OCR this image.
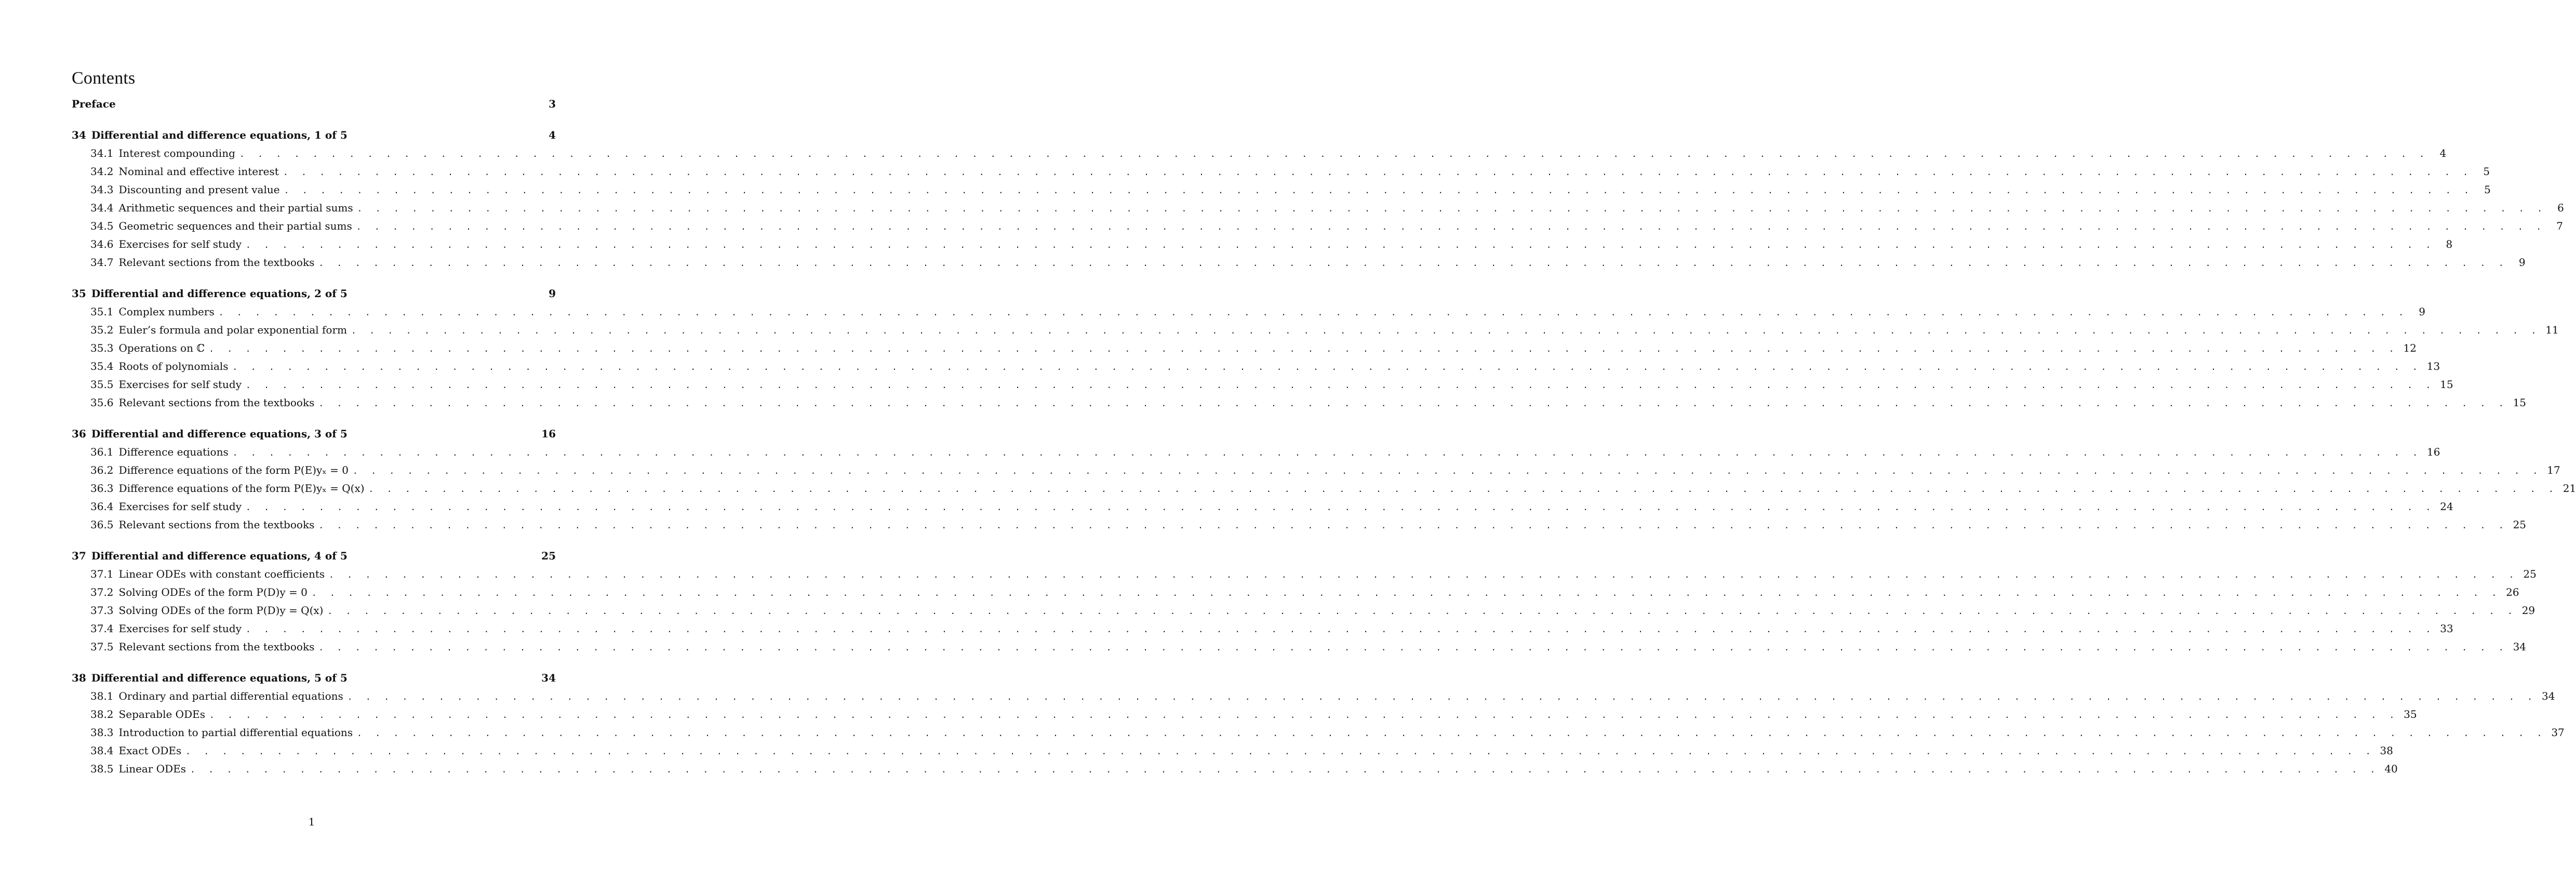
Contents
Preface	3
34 Differential and difference equations, 1 of 5	4
34.1 Interest compounding . . . . . . . . . . . . . . . . . . . . . . . . . . . . . . . . . . . . . . . . . . . . . . . . . . . . . . . . . . . . . . . . . . . . . . . . . . . . . . . . . . . . . . . . . . . . . . . . . . . . . . . . . . . . . . . . . . . . . . . .	4
34.2 Nominal and effective interest . . . . . . . . . . . . . . . . . . . . . . . . . . . . . . . . . . . . . . . . . . . . . . . . . . . . . . . . . . . . . . . . . . . . . . . . . . . . . . . . . . . . . . . . . . . . . . . . . . . . . . . . . . . . . . . . . . . . . . . .	5
34.3 Discounting and present value . . . . . . . . . . . . . . . . . . . . . . . . . . . . . . . . . . . . . . . . . . . . . . . . . . . . . . . . . . . . . . . . . . . . . . . . . . . . . . . . . . . . . . . . . . . . . . . . . . . . . . . . . . . . . . . . . . . . . . . .	5
34.4 Arithmetic sequences and their partial sums . . . . . . . . . . . . . . . . . . . . . . . . . . . . . . . . . . . . . . . . . . . . . . . . . . . . . . . . . . . . . . . . . . . . . . . . . . . . . . . . . . . . . . . . . . . . . . . . . . . . . . . . . . . . . . . . . . . . . . . .	6
34.5 Geometric sequences and their partial sums . . . . . . . . . . . . . . . . . . . . . . . . . . . . . . . . . . . . . . . . . . . . . . . . . . . . . . . . . . . . . . . . . . . . . . . . . . . . . . . . . . . . . . . . . . . . . . . . . . . . . . . . . . . . . . . . . . . . . . . .	7
34.6 Exercises for self study . . . . . . . . . . . . . . . . . . . . . . . . . . . . . . . . . . . . . . . . . . . . . . . . . . . . . . . . . . . . . . . . . . . . . . . . . . . . . . . . . . . . . . . . . . . . . . . . . . . . . . . . . . . . . . . . . . . . . . . .	8
34.7 Relevant sections from the textbooks . . . . . . . . . . . . . . . . . . . . . . . . . . . . . . . . . . . . . . . . . . . . . . . . . . . . . . . . . . . . . . . . . . . . . . . . . . . . . . . . . . . . . . . . . . . . . . . . . . . . . . . . . . . . . . . . . . . . . . . .	9
35 Differential and difference equations, 2 of 5	9
35.1 Complex numbers . . . . . . . . . . . . . . . . . . . . . . . . . . . . . . . . . . . . . . . . . . . . . . . . . . . . . . . . . . . . . . . . . . . . . . . . . . . . . . . . . . . . . . . . . . . . . . . . . . . . . . . . . . . . . . . . . . . . . . . .	9
35.2 Euler’s formula and polar exponential form . . . . . . . . . . . . . . . . . . . . . . . . . . . . . . . . . . . . . . . . . . . . . . . . . . . . . . . . . . . . . . . . . . . . . . . . . . . . . . . . . . . . . . . . . . . . . . . . . . . . . . . . . . . . . . . . . . . . . . . . 11
35.3 Operations on ℂ . . . . . . . . . . . . . . . . . . . . . . . . . . . . . . . . . . . . . . . . . . . . . . . . . . . . . . . . . . . . . . . . . . . . . . . . . . . . . . . . . . . . . . . . . . . . . . . . . . . . . . . . . . . . . . . . . . . . . . . . 12
35.4 Roots of polynomials . . . . . . . . . . . . . . . . . . . . . . . . . . . . . . . . . . . . . . . . . . . . . . . . . . . . . . . . . . . . . . . . . . . . . . . . . . . . . . . . . . . . . . . . . . . . . . . . . . . . . . . . . . . . . . . . . . . . . . . . 13
35.5 Exercises for self study . . . . . . . . . . . . . . . . . . . . . . . . . . . . . . . . . . . . . . . . . . . . . . . . . . . . . . . . . . . . . . . . . . . . . . . . . . . . . . . . . . . . . . . . . . . . . . . . . . . . . . . . . . . . . . . . . . . . . . . . 15
35.6 Relevant sections from the textbooks . . . . . . . . . . . . . . . . . . . . . . . . . . . . . . . . . . . . . . . . . . . . . . . . . . . . . . . . . . . . . . . . . . . . . . . . . . . . . . . . . . . . . . . . . . . . . . . . . . . . . . . . . . . . . . . . . . . . . . . . 15
36 Differential and difference equations, 3 of 5	16
36.1 Difference equations . . . . . . . . . . . . . . . . . . . . . . . . . . . . . . . . . . . . . . . . . . . . . . . . . . . . . . . . . . . . . . . . . . . . . . . . . . . . . . . . . . . . . . . . . . . . . . . . . . . . . . . . . . . . . . . . . . . . . . . . 16
36.2 Difference equations of the form P(E)yₓ = 0 . . . . . . . . . . . . . . . . . . . . . . . . . . . . . . . . . . . . . . . . . . . . . . . . . . . . . . . . . . . . . . . . . . . . . . . . . . . . . . . . . . . . . . . . . . . . . . . . . . . . . . . . . . . . . . . . . . . . . . . . 17
36.3 Difference equations of the form P(E)yₓ = Q(x) . . . . . . . . . . . . . . . . . . . . . . . . . . . . . . . . . . . . . . . . . . . . . . . . . . . . . . . . . . . . . . . . . . . . . . . . . . . . . . . . . . . . . . . . . . . . . . . . . . . . . . . . . . . . . . . . . . . . . . . . 21
36.4 Exercises for self study . . . . . . . . . . . . . . . . . . . . . . . . . . . . . . . . . . . . . . . . . . . . . . . . . . . . . . . . . . . . . . . . . . . . . . . . . . . . . . . . . . . . . . . . . . . . . . . . . . . . . . . . . . . . . . . . . . . . . . . . 24
36.5 Relevant sections from the textbooks . . . . . . . . . . . . . . . . . . . . . . . . . . . . . . . . . . . . . . . . . . . . . . . . . . . . . . . . . . . . . . . . . . . . . . . . . . . . . . . . . . . . . . . . . . . . . . . . . . . . . . . . . . . . . . . . . . . . . . . . 25
37 Differential and difference equations, 4 of 5	25
37.1 Linear ODEs with constant coefficients . . . . . . . . . . . . . . . . . . . . . . . . . . . . . . . . . . . . . . . . . . . . . . . . . . . . . . . . . . . . . . . . . . . . . . . . . . . . . . . . . . . . . . . . . . . . . . . . . . . . . . . . . . . . . . . . . . . . . . . . 25
37.2 Solving ODEs of the form P(D)y = 0 . . . . . . . . . . . . . . . . . . . . . . . . . . . . . . . . . . . . . . . . . . . . . . . . . . . . . . . . . . . . . . . . . . . . . . . . . . . . . . . . . . . . . . . . . . . . . . . . . . . . . . . . . . . . . . . . . . . . . . . . 26
37.3 Solving ODEs of the form P(D)y = Q(x) . . . . . . . . . . . . . . . . . . . . . . . . . . . . . . . . . . . . . . . . . . . . . . . . . . . . . . . . . . . . . . . . . . . . . . . . . . . . . . . . . . . . . . . . . . . . . . . . . . . . . . . . . . . . . . . . . . . . . . . . 29
37.4 Exercises for self study . . . . . . . . . . . . . . . . . . . . . . . . . . . . . . . . . . . . . . . . . . . . . . . . . . . . . . . . . . . . . . . . . . . . . . . . . . . . . . . . . . . . . . . . . . . . . . . . . . . . . . . . . . . . . . . . . . . . . . . . 33
37.5 Relevant sections from the textbooks . . . . . . . . . . . . . . . . . . . . . . . . . . . . . . . . . . . . . . . . . . . . . . . . . . . . . . . . . . . . . . . . . . . . . . . . . . . . . . . . . . . . . . . . . . . . . . . . . . . . . . . . . . . . . . . . . . . . . . . . 34
38 Differential and difference equations, 5 of 5	34
38.1 Ordinary and partial differential equations . . . . . . . . . . . . . . . . . . . . . . . . . . . . . . . . . . . . . . . . . . . . . . . . . . . . . . . . . . . . . . . . . . . . . . . . . . . . . . . . . . . . . . . . . . . . . . . . . . . . . . . . . . . . . . . . . . . . . . . . 34
38.2 Separable ODEs . . . . . . . . . . . . . . . . . . . . . . . . . . . . . . . . . . . . . . . . . . . . . . . . . . . . . . . . . . . . . . . . . . . . . . . . . . . . . . . . . . . . . . . . . . . . . . . . . . . . . . . . . . . . . . . . . . . . . . . . 35
38.3 Introduction to partial differential equations . . . . . . . . . . . . . . . . . . . . . . . . . . . . . . . . . . . . . . . . . . . . . . . . . . . . . . . . . . . . . . . . . . . . . . . . . . . . . . . . . . . . . . . . . . . . . . . . . . . . . . . . . . . . . . . . . . . . . . . . 37
38.4 Exact ODEs . . . . . . . . . . . . . . . . . . . . . . . . . . . . . . . . . . . . . . . . . . . . . . . . . . . . . . . . . . . . . . . . . . . . . . . . . . . . . . . . . . . . . . . . . . . . . . . . . . . . . . . . . . . . . . . . . . . . . . . . 38
38.5 Linear ODEs . . . . . . . . . . . . . . . . . . . . . . . . . . . . . . . . . . . . . . . . . . . . . . . . . . . . . . . . . . . . . . . . . . . . . . . . . . . . . . . . . . . . . . . . . . . . . . . . . . . . . . . . . . . . . . . . . . . . . . . . 40
1
